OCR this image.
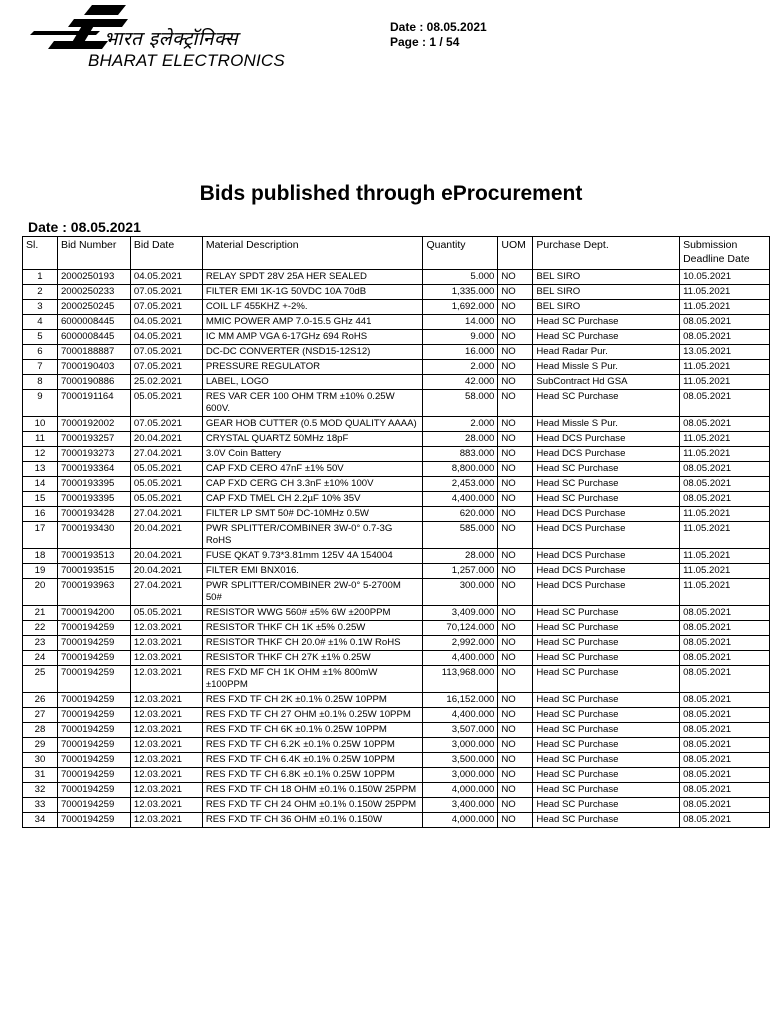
भारत इलेक्ट्रॉनिक्स
BHARAT ELECTRONICS
Date : 08.05.2021
Page : 1 / 54
Bids published through eProcurement
Date : 08.05.2021
Sl.	Bid Number	Bid Date	Material Description	Quantity	UOM	Purchase Dept.	Submission Deadline Date
1	2000250193	04.05.2021	RELAY SPDT 28V 25A HER SEALED	5.000	NO	BEL SIRO	10.05.2021
2	2000250233	07.05.2021	FILTER EMI 1K-1G 50VDC 10A 70dB	1,335.000	NO	BEL SIRO	11.05.2021
3	2000250245	07.05.2021	COIL LF 455KHZ +-2%.	1,692.000	NO	BEL SIRO	11.05.2021
4	6000008445	04.05.2021	MMIC POWER AMP 7.0-15.5 GHz 441	14.000	NO	Head SC Purchase	08.05.2021
5	6000008445	04.05.2021	IC MM AMP VGA 6-17GHz 694 RoHS	9.000	NO	Head SC Purchase	08.05.2021
6	7000188887	07.05.2021	DC-DC CONVERTER (NSD15-12S12)	16.000	NO	Head Radar Pur.	13.05.2021
7	7000190403	07.05.2021	PRESSURE REGULATOR	2.000	NO	Head Missle S Pur.	11.05.2021
8	7000190886	25.02.2021	LABEL, LOGO	42.000	NO	SubContract Hd GSA	11.05.2021
9	7000191164	05.05.2021	RES VAR CER 100 OHM TRM ±10% 0.25W 600V.	58.000	NO	Head SC Purchase	08.05.2021
10	7000192002	07.05.2021	GEAR HOB CUTTER (0.5 MOD QUALITY AAAA)	2.000	NO	Head Missle S Pur.	08.05.2021
11	7000193257	20.04.2021	CRYSTAL QUARTZ 50MHz 18pF	28.000	NO	Head DCS Purchase	11.05.2021
12	7000193273	27.04.2021	3.0V Coin Battery	883.000	NO	Head DCS Purchase	11.05.2021
13	7000193364	05.05.2021	CAP FXD CERO 47nF ±1% 50V	8,800.000	NO	Head SC Purchase	08.05.2021
14	7000193395	05.05.2021	CAP FXD CERG CH 3.3nF ±10% 100V	2,453.000	NO	Head SC Purchase	08.05.2021
15	7000193395	05.05.2021	CAP FXD TMEL CH 2.2µF 10% 35V	4,400.000	NO	Head SC Purchase	08.05.2021
16	7000193428	27.04.2021	FILTER LP SMT 50# DC-10MHz 0.5W	620.000	NO	Head DCS Purchase	11.05.2021
17	7000193430	20.04.2021	PWR SPLITTER/COMBINER 3W-0° 0.7-3G RoHS	585.000	NO	Head DCS Purchase	11.05.2021
18	7000193513	20.04.2021	FUSE QKAT 9.73*3.81mm 125V 4A 154004	28.000	NO	Head DCS Purchase	11.05.2021
19	7000193515	20.04.2021	FILTER EMI BNX016.	1,257.000	NO	Head DCS Purchase	11.05.2021
20	7000193963	27.04.2021	PWR SPLITTER/COMBINER 2W-0° 5-2700M 50#	300.000	NO	Head DCS Purchase	11.05.2021
21	7000194200	05.05.2021	RESISTOR WWG 560# ±5% 6W ±200PPM	3,409.000	NO	Head SC Purchase	08.05.2021
22	7000194259	12.03.2021	RESISTOR THKF CH 1K ±5% 0.25W	70,124.000	NO	Head SC Purchase	08.05.2021
23	7000194259	12.03.2021	RESISTOR THKF CH 20.0# ±1% 0.1W RoHS	2,992.000	NO	Head SC Purchase	08.05.2021
24	7000194259	12.03.2021	RESISTOR THKF CH 27K ±1% 0.25W	4,400.000	NO	Head SC Purchase	08.05.2021
25	7000194259	12.03.2021	RES FXD MF CH 1K OHM ±1% 800mW ±100PPM	113,968.000	NO	Head SC Purchase	08.05.2021
26	7000194259	12.03.2021	RES FXD TF CH 2K ±0.1% 0.25W 10PPM	16,152.000	NO	Head SC Purchase	08.05.2021
27	7000194259	12.03.2021	RES FXD TF CH 27 OHM ±0.1% 0.25W 10PPM	4,400.000	NO	Head SC Purchase	08.05.2021
28	7000194259	12.03.2021	RES FXD TF CH 6K ±0.1% 0.25W 10PPM	3,507.000	NO	Head SC Purchase	08.05.2021
29	7000194259	12.03.2021	RES FXD TF CH 6.2K ±0.1% 0.25W 10PPM	3,000.000	NO	Head SC Purchase	08.05.2021
30	7000194259	12.03.2021	RES FXD TF CH 6.4K ±0.1% 0.25W 10PPM	3,500.000	NO	Head SC Purchase	08.05.2021
31	7000194259	12.03.2021	RES FXD TF CH 6.8K ±0.1% 0.25W 10PPM	3,000.000	NO	Head SC Purchase	08.05.2021
32	7000194259	12.03.2021	RES FXD TF CH 18 OHM ±0.1% 0.150W 25PPM	4,000.000	NO	Head SC Purchase	08.05.2021
33	7000194259	12.03.2021	RES FXD TF CH 24 OHM ±0.1% 0.150W 25PPM	3,400.000	NO	Head SC Purchase	08.05.2021
34	7000194259	12.03.2021	RES FXD TF CH 36 OHM ±0.1% 0.150W	4,000.000	NO	Head SC Purchase	08.05.2021
